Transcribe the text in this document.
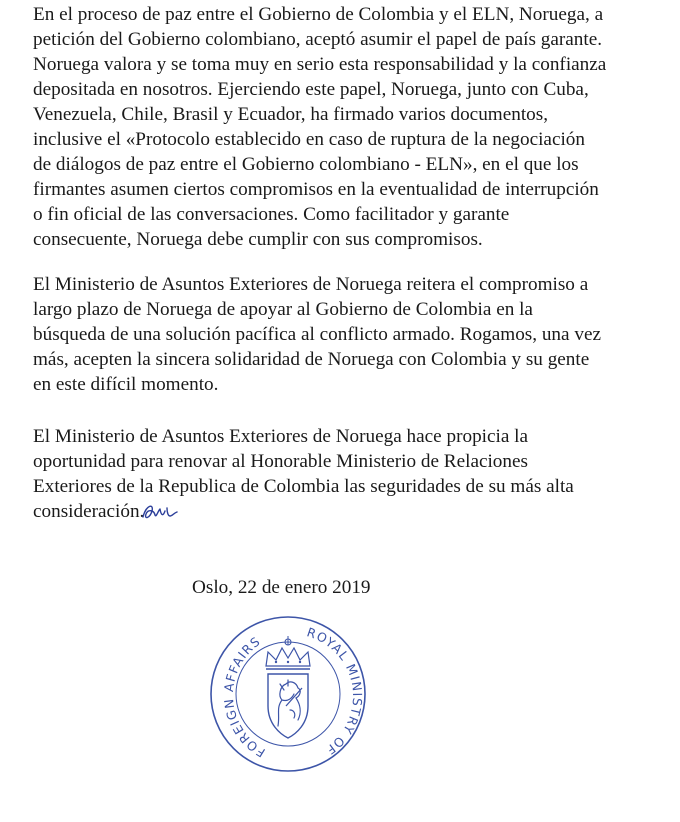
En el proceso de paz entre el Gobierno de Colombia y el ELN, Noruega, a
petición del Gobierno colombiano, aceptó asumir el papel de país garante.
Noruega valora y se toma muy en serio esta responsabilidad y la confianza
depositada en nosotros. Ejerciendo este papel, Noruega, junto con Cuba,
Venezuela, Chile, Brasil y Ecuador, ha firmado varios documentos,
inclusive el «Protocolo establecido en caso de ruptura de la negociación
de diálogos de paz entre el Gobierno colombiano - ELN», en el que los
firmantes asumen ciertos compromisos en la eventualidad de interrupción
o fin oficial de las conversaciones. Como facilitador y garante
consecuente, Noruega debe cumplir con sus compromisos.

El Ministerio de Asuntos Exteriores de Noruega reitera el compromiso a
largo plazo de Noruega de apoyar al Gobierno de Colombia en la
búsqueda de una solución pacífica al conflicto armado. Rogamos, una vez
más, acepten la sincera solidaridad de Noruega con Colombia y su gente
en este difícil momento.

El Ministerio de Asuntos Exteriores de Noruega hace propicia la
oportunidad para renovar al Honorable Ministerio de Relaciones
Exteriores de la Republica de Colombia las seguridades de su más alta
consideración.

Oslo, 22 de enero 2019

FOREIGN AFFAIRS
ROYAL MINISTRY OF
